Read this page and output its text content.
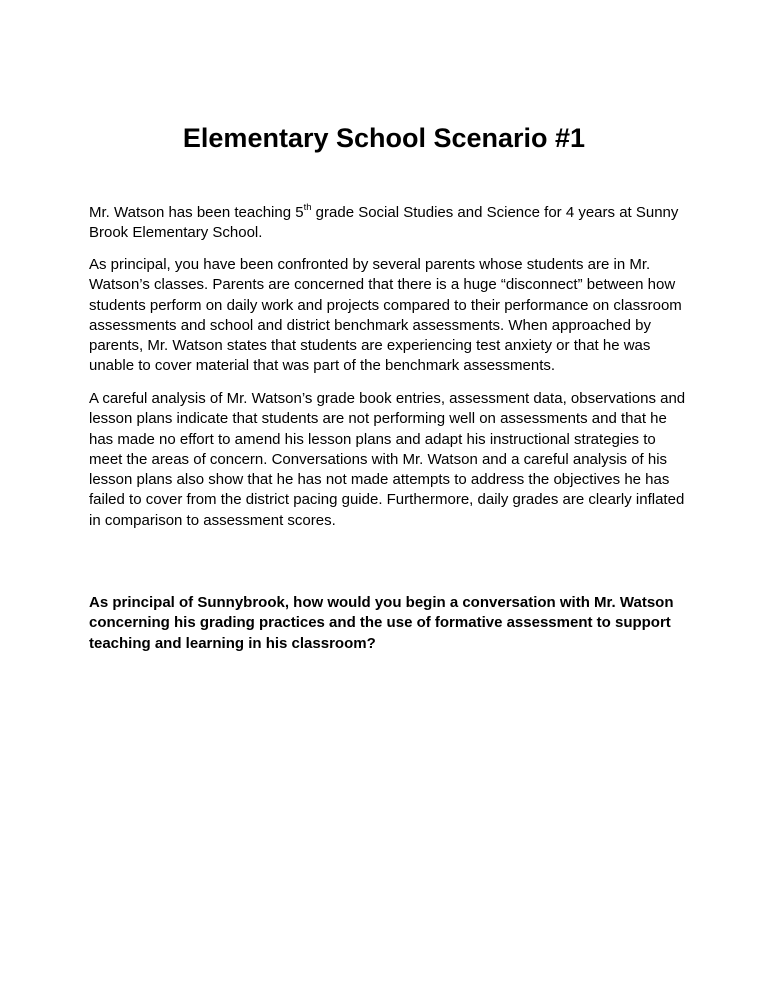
Elementary School Scenario #1

Mr. Watson has been teaching 5th grade Social Studies and Science for 4 years at Sunny Brook Elementary School.

As principal, you have been confronted by several parents whose students are in Mr. Watson’s classes. Parents are concerned that there is a huge “disconnect” between how students perform on daily work and projects compared to their performance on classroom assessments and school and district benchmark assessments. When approached by parents, Mr. Watson states that students are experiencing test anxiety or that he was unable to cover material that was part of the benchmark assessments.

A careful analysis of Mr. Watson’s grade book entries, assessment data, observations and lesson plans indicate that students are not performing well on assessments and that he has made no effort to amend his lesson plans and adapt his instructional strategies to meet the areas of concern. Conversations with Mr. Watson and a careful analysis of his lesson plans also show that he has not made attempts to address the objectives he has failed to cover from the district pacing guide. Furthermore, daily grades are clearly inflated in comparison to assessment scores.

As principal of Sunnybrook, how would you begin a conversation with Mr. Watson concerning his grading practices and the use of formative assessment to support teaching and learning in his classroom?
